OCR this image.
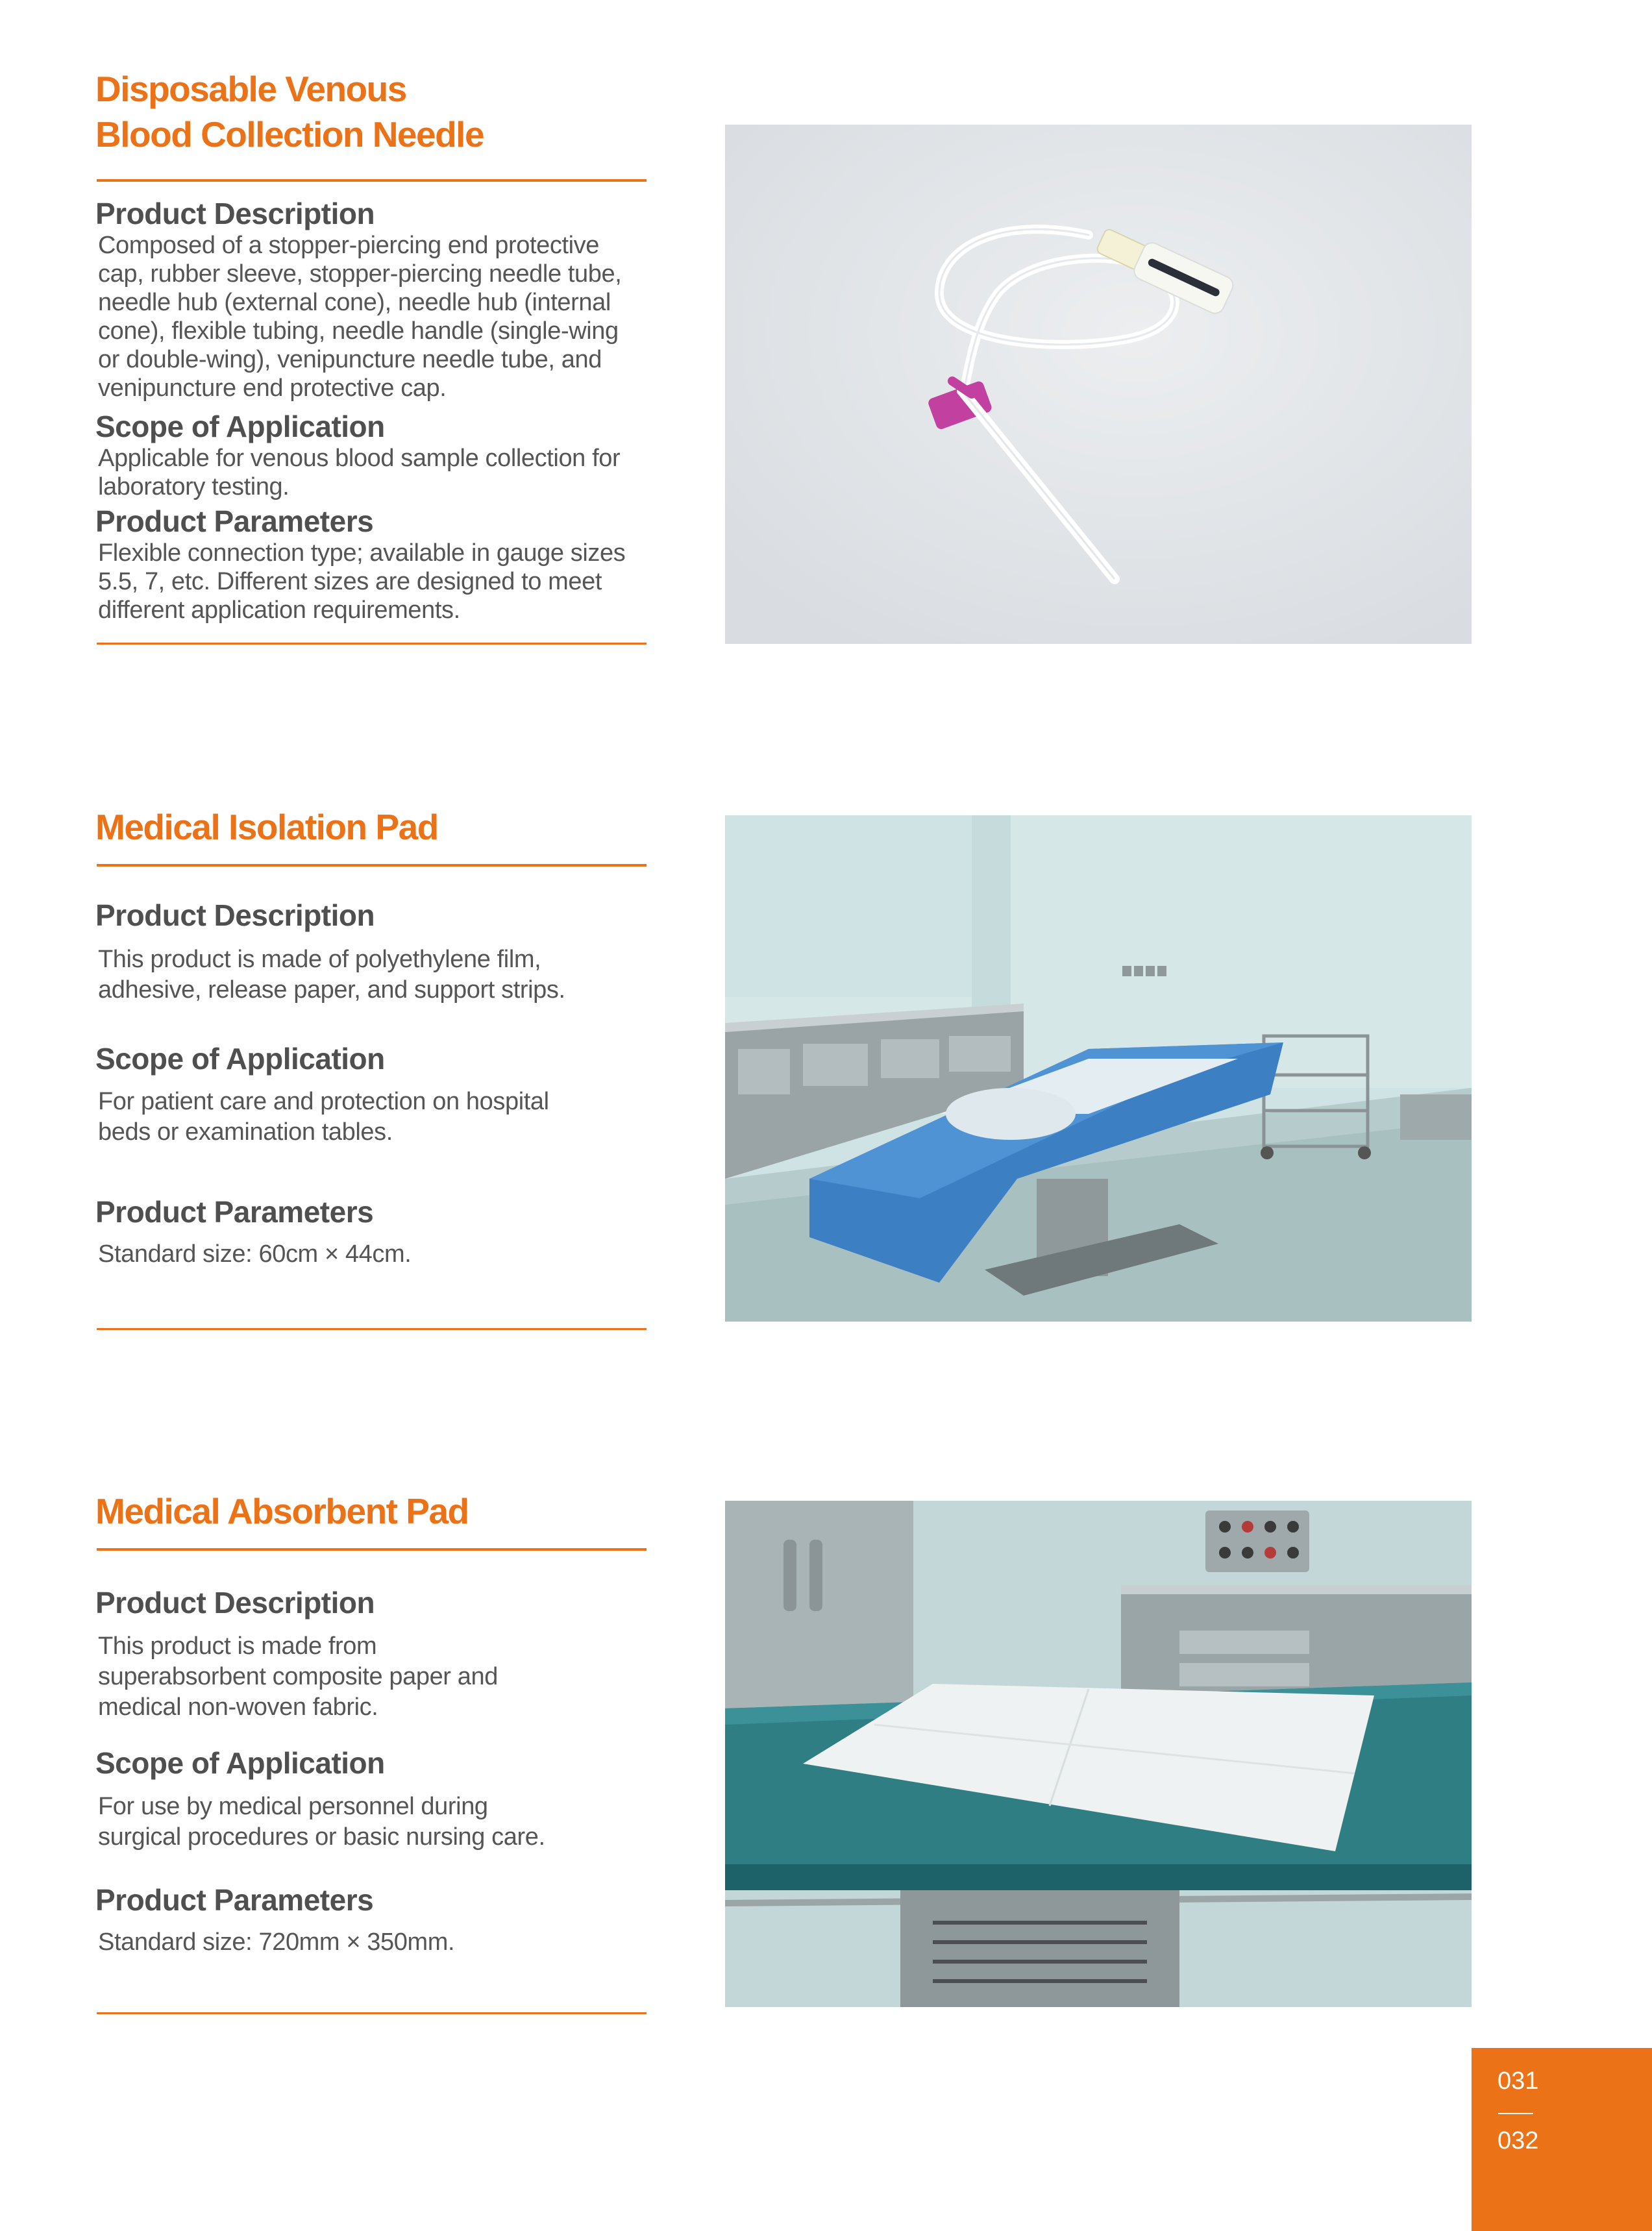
Disposable Venous
Blood Collection Needle
Product Description

Composed of a stopper-piercing end protective
cap, rubber sleeve, stopper-piercing needle tube,
needle hub (external cone), needle hub (internal
cone), flexible tubing, needle handle (single-wing
or double-wing), venipuncture needle tube, and
venipuncture end protective cap.

Scope of Application

Applicable for venous blood sample collection for
laboratory testing.

Product Parameters

Flexible connection type; available in gauge sizes
5.5, 7, etc. Different sizes are designed to meet
different application requirements.

Medical Isolation Pad
Product Description

This product is made of polyethylene film,
adhesive, release paper, and support strips.

Scope of Application

For patient care and protection on hospital
beds or examination tables.

Product Parameters

Standard size: 60cm × 44cm.

Medical Absorbent Pad
Product Description

This product is made from
superabsorbent composite paper and
medical non-woven fabric.

Scope of Application

For use by medical personnel during
surgical procedures or basic nursing care.

Product Parameters

Standard size: 720mm × 350mm.

031
032
